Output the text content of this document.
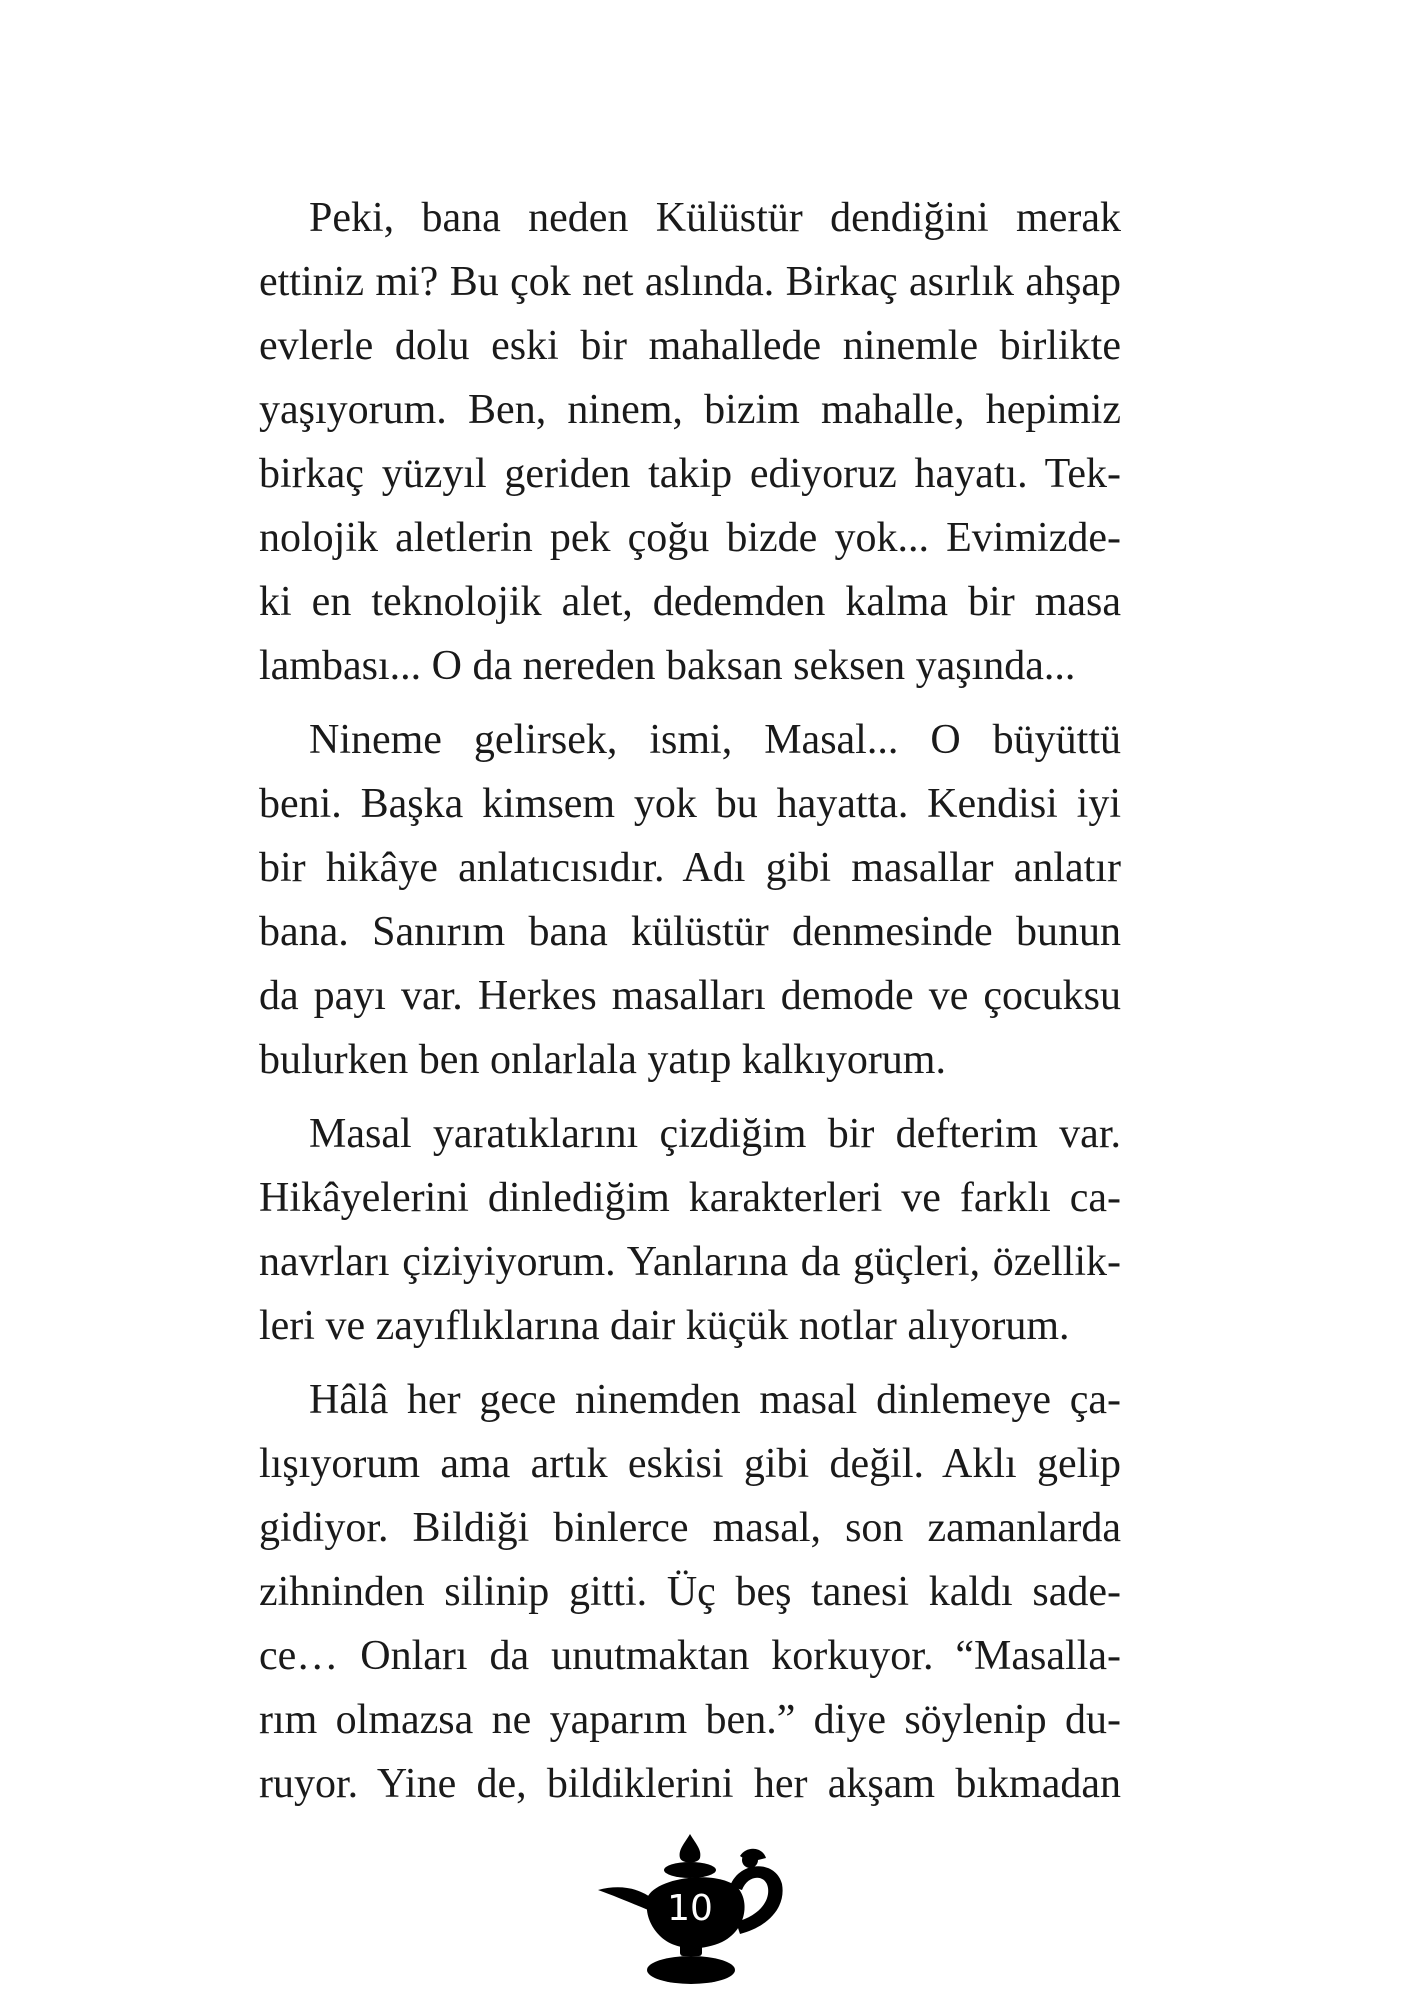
Peki, bana neden Külüstür dendiğini merak
ettiniz mi? Bu çok net aslında. Birkaç asırlık ahşap
evlerle dolu eski bir mahallede ninemle birlikte
yaşıyorum. Ben, ninem, bizim mahalle, hepimiz
birkaç yüzyıl geriden takip ediyoruz hayatı. Tek-
nolojik aletlerin pek çoğu bizde yok... Evimizde-
ki en teknolojik alet, dedemden kalma bir masa
lambası... O da nereden baksan seksen yaşında...

Nineme gelirsek, ismi, Masal... O büyüttü
beni. Başka kimsem yok bu hayatta. Kendisi iyi
bir hikâye anlatıcısıdır. Adı gibi masallar anlatır
bana. Sanırım bana külüstür denmesinde bunun
da payı var. Herkes masalları demode ve çocuksu
bulurken ben onlarlala yatıp kalkıyorum.

Masal yaratıklarını çizdiğim bir defterim var.
Hikâyelerini dinlediğim karakterleri ve farklı ca-
navrları çiziyiyorum. Yanlarına da güçleri, özellik-
leri ve zayıflıklarına dair küçük notlar alıyorum.

Hâlâ her gece ninemden masal dinlemeye ça-
lışıyorum ama artık eskisi gibi değil. Aklı gelip
gidiyor. Bildiği binlerce masal, son zamanlarda
zihninden silinip gitti. Üç beş tanesi kaldı sade-
ce… Onları da unutmaktan korkuyor. “Masalla-
rım olmazsa ne yaparım ben.” diye söylenip du-
ruyor. Yine de, bildiklerini her akşam bıkmadan

10
